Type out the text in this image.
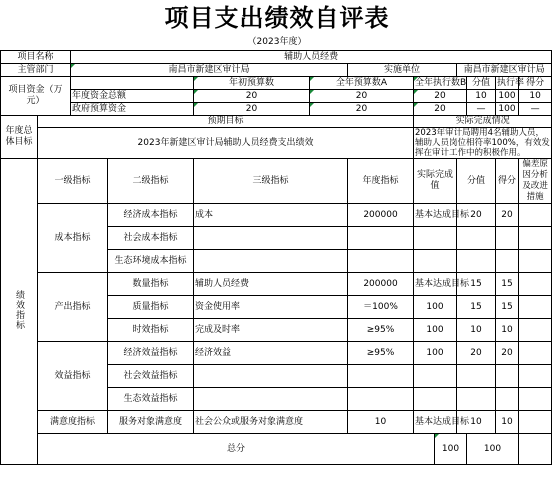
项目支出绩效自评表
（2023年度）
项目名称		辅助人员经费											
主管部门		南昌市新建区审计局				实施单位			南昌市新建区审计局				
项目资金（万元）				年初预算数	全年预算数A		全年执行数B			分值	执行率	得分	
		年度资金总额		20	20		20			10	100	10	
		政府预算资金		20	20		20			—	100	—	
年度总体目标	预期目标						实际完成情况						
	2023年新建区审计局辅助人员经费支出绩效						2023年审计局聘用4名辅助人员，辅助人员岗位相符率100%，有效发挥在审计工作中的积极作用。						
绩效指标	一级指标		二级指标	三级指标		年度指标	实际完成值		分值		得分	偏差原因分析及改进措施	
	成本指标		经济成本指标	成本		200000	基本达成目标		20		20		
			社会成本指标										
			生态环境成本指标										
	产出指标		数量指标	辅助人员经费		200000	基本达成目标		15		15		
			质量指标	资金使用率		＝100%	100		15		15		
			时效指标	完成及时率		≥95%	100		10		10		
	效益指标		经济效益指标	经济效益		≥95%	100		20		20		
			社会效益指标										
			生态效益指标										
	满意度指标		服务对象满意度	社会公众或服务对象满意度		10	基本达成目标		10		10		
	总分							100		100			
